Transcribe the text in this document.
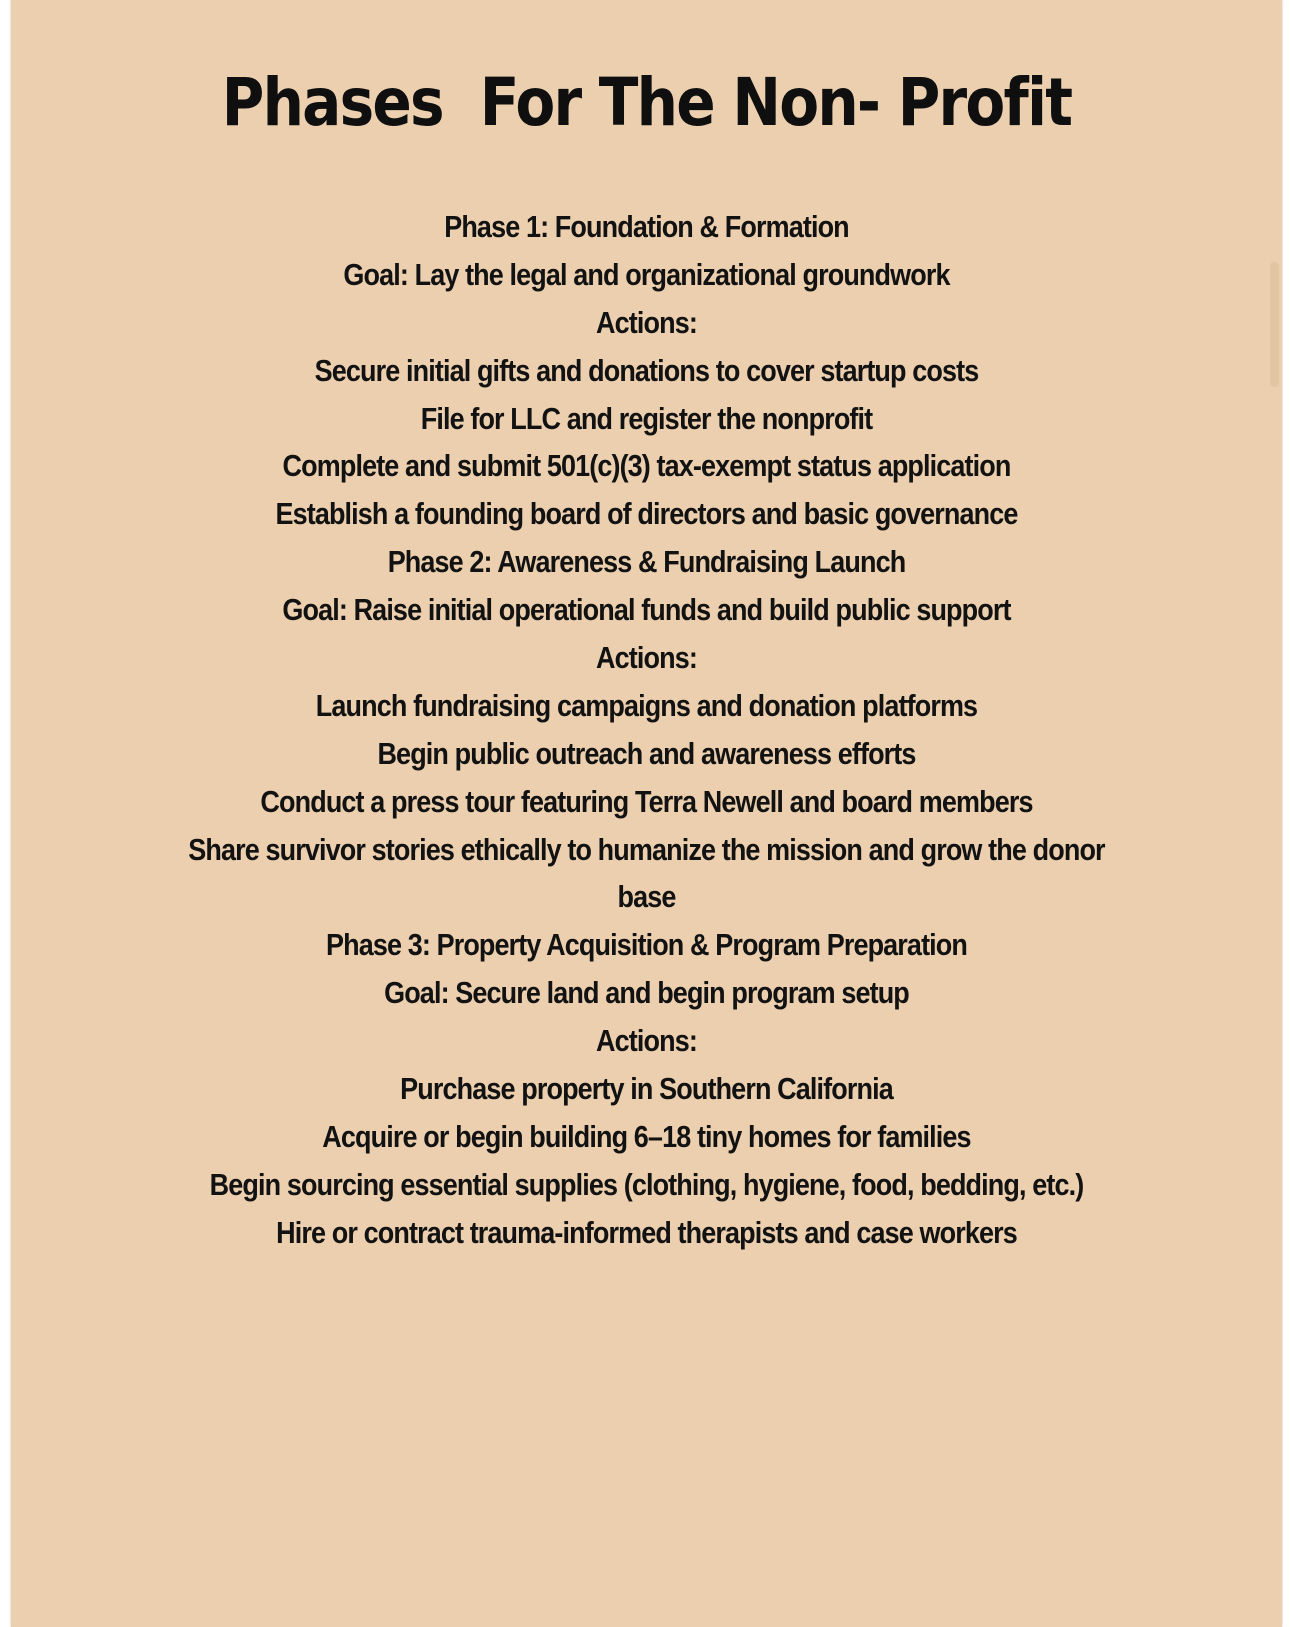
Phases  For The Non- Profit
Phase 1: Foundation & Formation
Goal: Lay the legal and organizational groundwork
Actions:
Secure initial gifts and donations to cover startup costs
File for LLC and register the nonprofit
Complete and submit 501(c)(3) tax-exempt status application
Establish a founding board of directors and basic governance
Phase 2: Awareness & Fundraising Launch
Goal: Raise initial operational funds and build public support
Actions:
Launch fundraising campaigns and donation platforms
Begin public outreach and awareness efforts
Conduct a press tour featuring Terra Newell and board members
Share survivor stories ethically to humanize the mission and grow the donor
base
Phase 3: Property Acquisition & Program Preparation
Goal: Secure land and begin program setup
Actions:
Purchase property in Southern California
Acquire or begin building 6–18 tiny homes for families
Begin sourcing essential supplies (clothing, hygiene, food, bedding, etc.)
Hire or contract trauma-informed therapists and case workers
